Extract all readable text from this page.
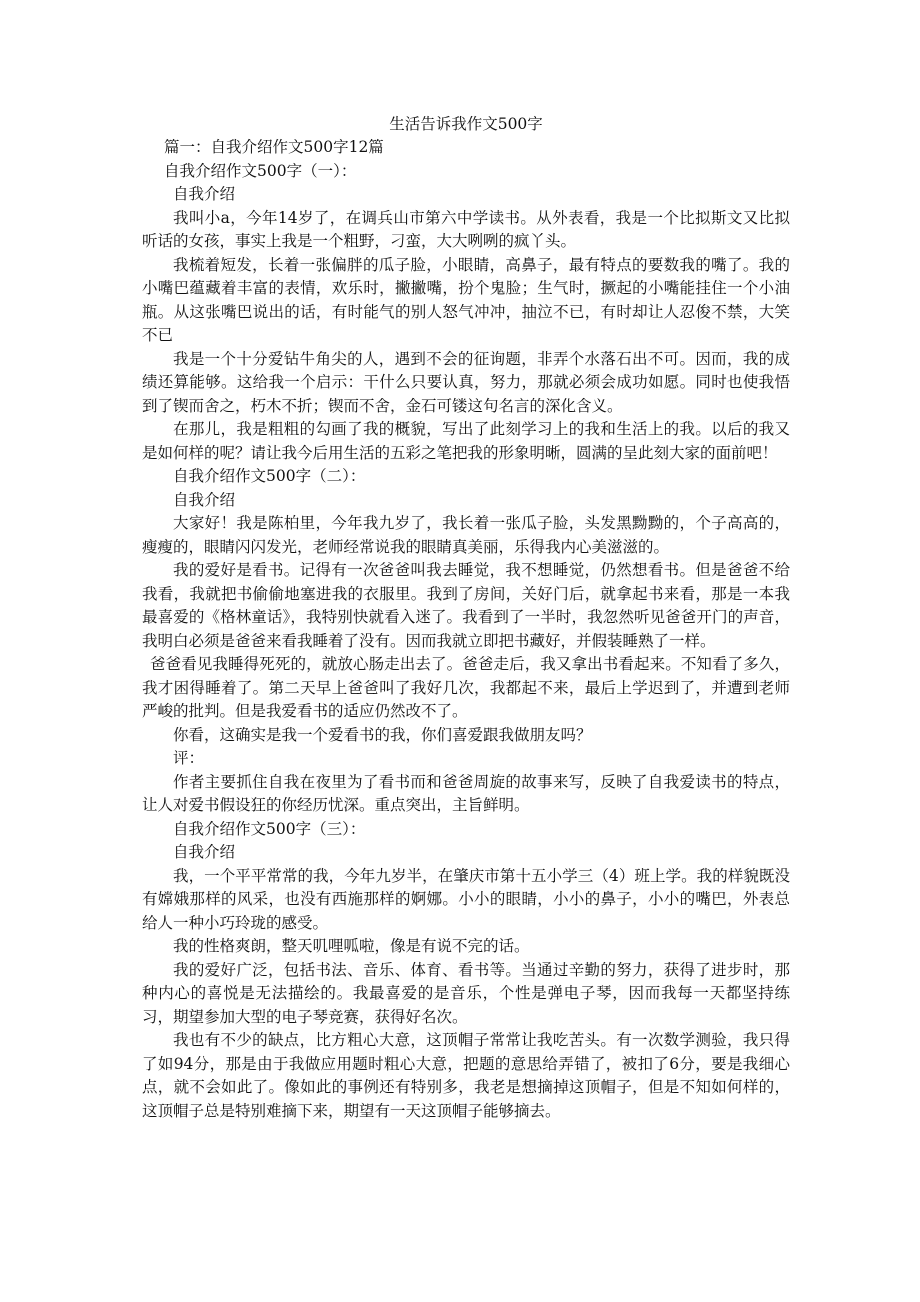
生活告诉我作文500字

篇一：自我介绍作文500字12篇

自我介绍作文500字（一）：

自我介绍

我叫小a，今年14岁了，在调兵山市第六中学读书。从外表看，我是一个比拟斯文又比拟听话的女孩，事实上我是一个粗野，刁蛮，大大咧咧的疯丫头。

我梳着短发，长着一张偏胖的瓜子脸，小眼睛，高鼻子，最有特点的要数我的嘴了。我的小嘴巴蕴藏着丰富的表情，欢乐时，撇撇嘴，扮个鬼脸；生气时，撅起的小嘴能挂住一个小油瓶。从这张嘴巴说出的话，有时能气的别人怒气冲冲，抽泣不已，有时却让人忍俊不禁，大笑不已

我是一个十分爱钻牛角尖的人，遇到不会的征询题，非弄个水落石出不可。因而，我的成绩还算能够。这给我一个启示：干什么只要认真，努力，那就必须会成功如愿。同时也使我悟到了锲而舍之，朽木不折；锲而不舍，金石可镂这句名言的深化含义。

在那儿，我是粗粗的勾画了我的概貌，写出了此刻学习上的我和生活上的我。以后的我又是如何样的呢？请让我今后用生活的五彩之笔把我的形象明晰，圆满的呈此刻大家的面前吧！

自我介绍作文500字（二）：

自我介绍

大家好！我是陈柏里，今年我九岁了，我长着一张瓜子脸，头发黑黝黝的，个子高高的，瘦瘦的，眼睛闪闪发光，老师经常说我的眼睛真美丽，乐得我内心美滋滋的。

我的爱好是看书。记得有一次爸爸叫我去睡觉，我不想睡觉，仍然想看书。但是爸爸不给我看，我就把书偷偷地塞进我的衣服里。我到了房间，关好门后，就拿起书来看，那是一本我最喜爱的《格林童话》，我特别快就看入迷了。我看到了一半时，我忽然听见爸爸开门的声音，我明白必须是爸爸来看我睡着了没有。因而我就立即把书藏好，并假装睡熟了一样。

爸爸看见我睡得死死的，就放心肠走出去了。爸爸走后，我又拿出书看起来。不知看了多久，我才困得睡着了。第二天早上爸爸叫了我好几次，我都起不来，最后上学迟到了，并遭到老师严峻的批判。但是我爱看书的适应仍然改不了。

你看，这确实是我一个爱看书的我，你们喜爱跟我做朋友吗？

评：

作者主要抓住自我在夜里为了看书而和爸爸周旋的故事来写，反映了自我爱读书的特点，让人对爱书假设狂的你经历忧深。重点突出，主旨鲜明。

自我介绍作文500字（三）：

自我介绍

我，一个平平常常的我，今年九岁半，在肇庆市第十五小学三（4）班上学。我的样貌既没有嫦娥那样的风采，也没有西施那样的婀娜。小小的眼睛，小小的鼻子，小小的嘴巴，外表总给人一种小巧玲珑的感受。

我的性格爽朗，整天叽哩呱啦，像是有说不完的话。

我的爱好广泛，包括书法、音乐、体育、看书等。当通过辛勤的努力，获得了进步时，那种内心的喜悦是无法描绘的。我最喜爱的是音乐，个性是弹电子琴，因而我每一天都坚持练习，期望参加大型的电子琴竞赛，获得好名次。

我也有不少的缺点，比方粗心大意，这顶帽子常常让我吃苦头。有一次数学测验，我只得了如94分，那是由于我做应用题时粗心大意，把题的意思给弄错了，被扣了6分，要是我细心点，就不会如此了。像如此的事例还有特别多，我老是想摘掉这顶帽子，但是不知如何样的，这顶帽子总是特别难摘下来，期望有一天这顶帽子能够摘去。
